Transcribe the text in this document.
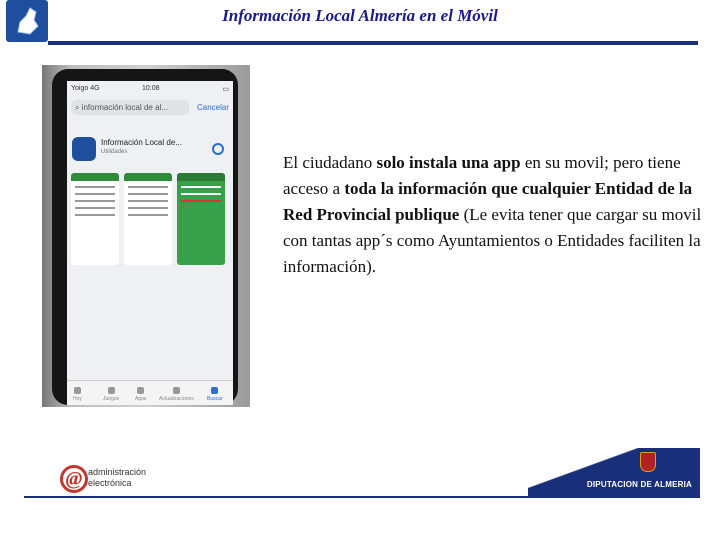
Información Local Almería en el Móvil
Yoigo 4G	10:08	▭
⌕ información local de al...	Cancelar
Información Local de...
Utilidades
Hoy	Juegos	Apps	Actualizaciones	Buscar
El ciudadano solo instala una app en su movil; pero tiene acceso a toda la información que cualquier Entidad de la Red Provincial publique (Le evita tener que cargar su movil con tantas app´s como Ayuntamientos o Entidades faciliten la información).
@ administración
electrónica	DIPUTACION DE ALMERIA
